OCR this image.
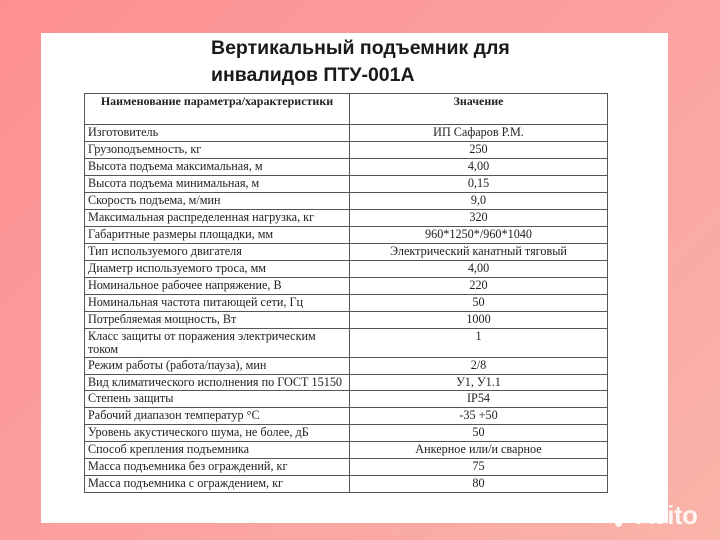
Вертикальный подъемник для
инвалидов ПТУ-001А
Наименование параметра/характеристики	Значение
Изготовитель	ИП Сафаров Р.М.
Грузоподъемность, кг	250
Высота подъема максимальная, м	4,00
Высота подъема минимальная, м	0,15
Скорость подъема, м/мин	9,0
Максимальная распределенная нагрузка, кг	320
Габаритные размеры площадки, мм	960*1250*/960*1040
Тип используемого двигателя	Электрический канатный тяговый
Диаметр используемого троса, мм	4,00
Номинальное рабочее напряжение, В	220
Номинальная частота питающей сети, Гц	50
Потребляемая мощность, Вт	1000
Класс защиты от поражения электрическим током	1
Режим работы (работа/пауза), мин	2/8
Вид климатического исполнения по ГОСТ 15150	У1, У1.1
Степень защиты	IP54
Рабочий диапазон температур °С	-35 +50
Уровень акустического шума, не более, дБ	50
Способ крепления подъемника	Анкерное или/и сварное
Масса подъемника без ограждений, кг	75
Масса подъемника с ограждением, кг	80
Avito
